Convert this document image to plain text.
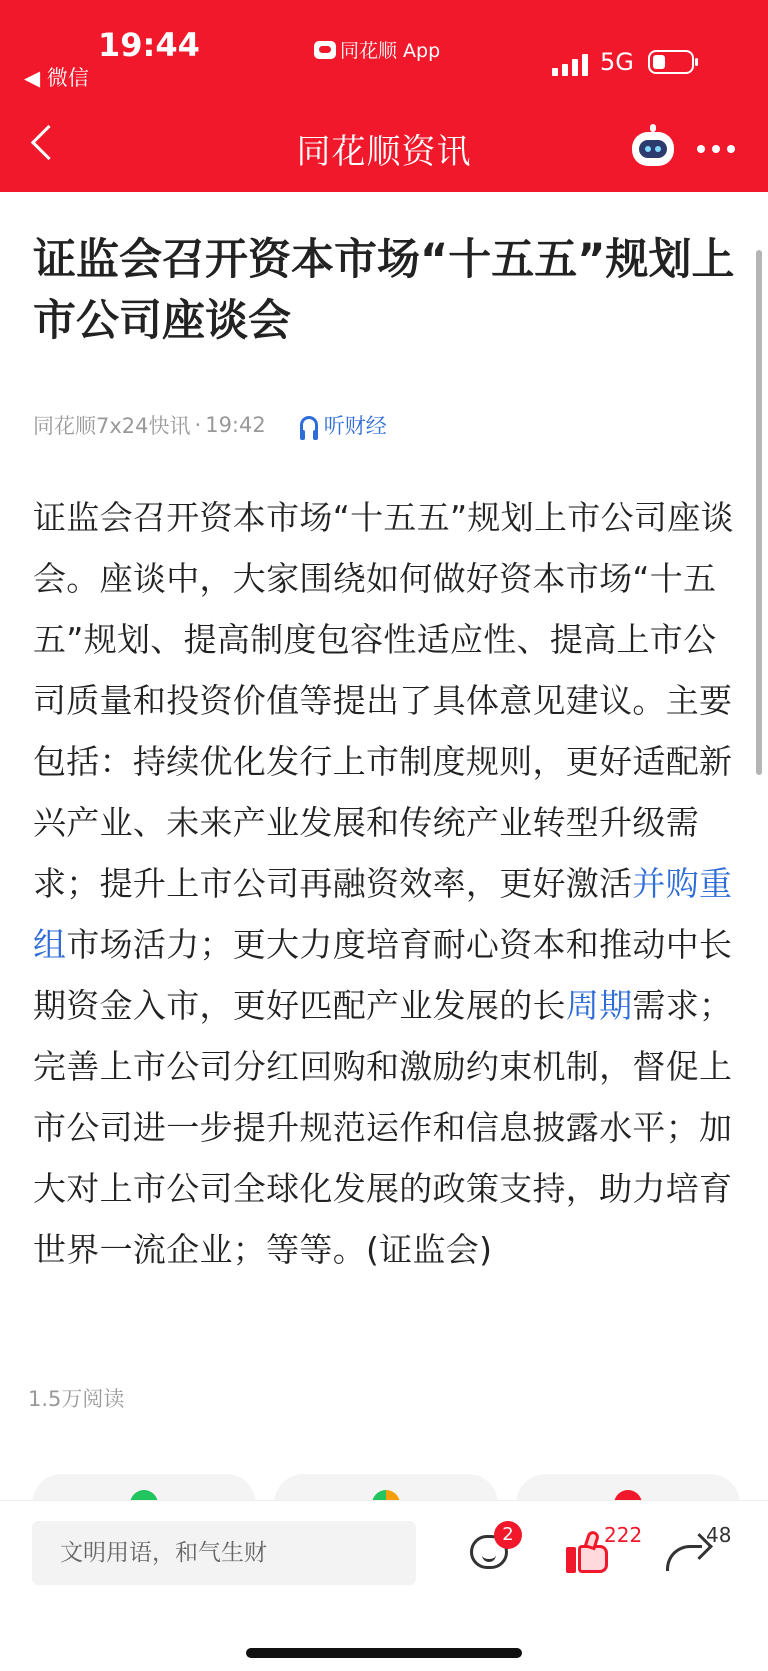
19:44
◀ 微信
同花顺 App	5G
同花顺资讯
证监会召开资本市场“十五五”规划上市公司座谈会
同花顺7x24快讯 · 19:42	听财经

证监会召开资本市场“十五五”规划上市公司座谈会。座谈中，大家围绕如何做好资本市场“十五五”规划、提高制度包容性适应性、提高上市公司质量和投资价值等提出了具体意见建议。主要包括：持续优化发行上市制度规则，更好适配新兴产业、未来产业发展和传统产业转型升级需求；提升上市公司再融资效率，更好激活并购重组市场活力；更大力度培育耐心资本和推动中长期资金入市，更好匹配产业发展的长周期需求；完善上市公司分红回购和激励约束机制，督促上市公司进一步提升规范运作和信息披露水平；加大对上市公司全球化发展的政策支持，助力培育世界一流企业；等等。(证监会)

1.5万阅读
文明用语，和气生财
2	222	48
